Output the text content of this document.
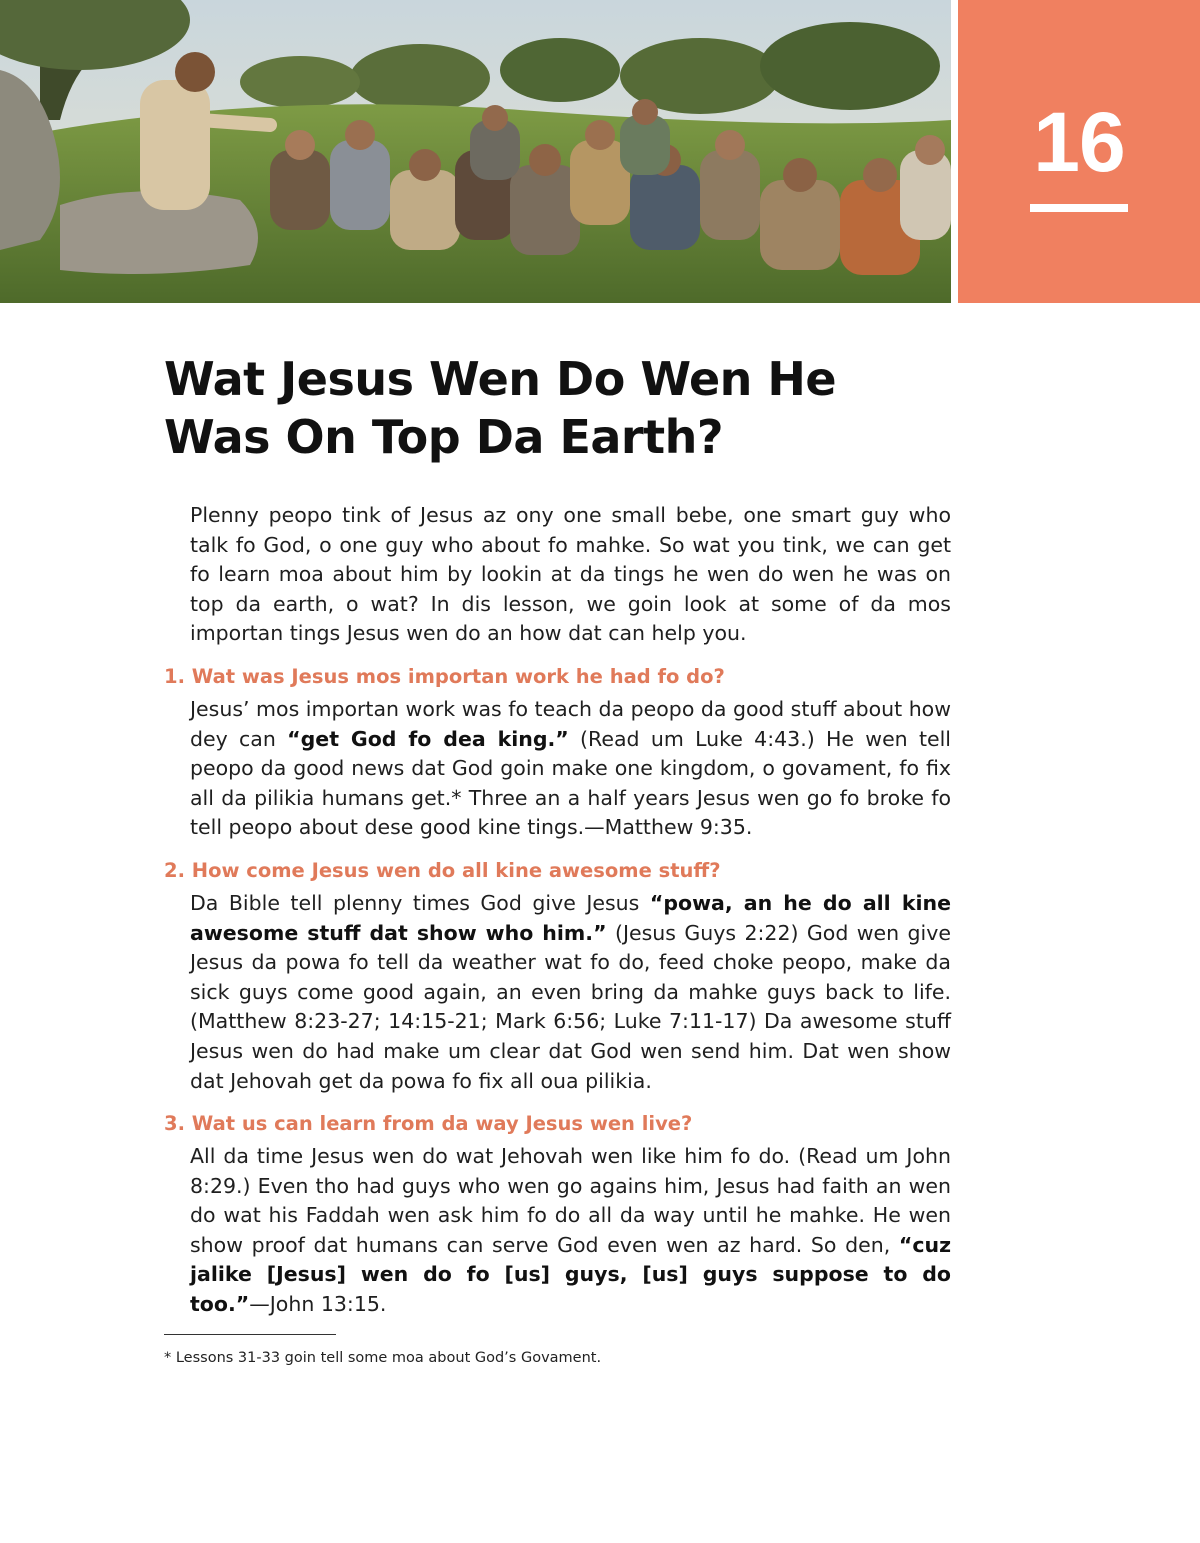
16
Wat Jesus Wen Do Wen He
Was On Top Da Earth?

Plenny peopo tink of Jesus az ony one small bebe, one smart guy who talk fo God, o one guy who about fo mahke. So wat you tink, we can get fo learn moa about him by lookin at da tings he wen do wen he was on top da earth, o wat? In dis lesson, we goin look at some of da mos importan tings Jesus wen do an how dat can help you.

1. Wat was Jesus mos importan work he had fo do?

Jesus’ mos importan work was fo teach da peopo da good stuff about how dey can “get God fo dea king.” (Read um Luke 4:43.) He wen tell peopo da good news dat God goin make one kingdom, o govament, fo fix all da pilikia humans get.* Three an a half years Jesus wen go fo broke fo tell peopo about dese good kine tings.—Matthew 9:35.

2. How come Jesus wen do all kine awesome stuff?

Da Bible tell plenny times God give Jesus “powa, an he do all kine awesome stuff dat show who him.” (Jesus Guys 2:22) God wen give Jesus da powa fo tell da weather wat fo do, feed choke peopo, make da sick guys come good again, an even bring da mahke guys back to life. (Matthew 8:23-27; 14:15-21; Mark 6:56; Luke 7:11-17) Da awesome stuff Jesus wen do had make um clear dat God wen send him. Dat wen show dat Jehovah get da powa fo fix all oua pilikia.

3. Wat us can learn from da way Jesus wen live?

All da time Jesus wen do wat Jehovah wen like him fo do. (Read um John 8:29.) Even tho had guys who wen go agains him, Jesus had faith an wen do wat his Faddah wen ask him fo do all da way until he mahke. He wen show proof dat humans can serve God even wen az hard. So den, “cuz jalike [Jesus] wen do fo [us] guys, [us] guys suppose to do too.”—John 13:15.

* Lessons 31-33 goin tell some moa about God’s Govament.
